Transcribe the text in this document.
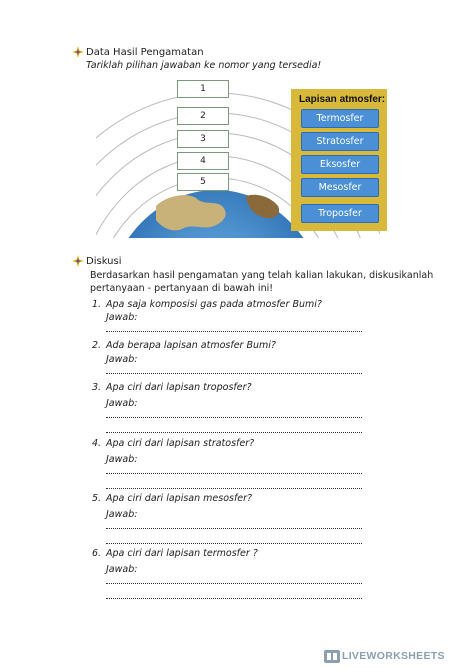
Data Hasil Pengamatan
Tariklah pilihan jawaban ke nomor yang tersedia!
1
2
3
4
5
Lapisan atmosfer:
Termosfer
Stratosfer
Eksosfer
Mesosfer
Troposfer
Diskusi
Berdasarkan hasil pengamatan yang telah kalian lakukan, diskusikanlah
pertanyaan - pertanyaan di bawah ini!
1. Apa saja komposisi gas pada atmosfer Bumi?
Jawab:
2. Ada berapa lapisan atmosfer Bumi?
Jawab:
3. Apa ciri dari lapisan troposfer?
Jawab:
4. Apa ciri dari lapisan stratosfer?
Jawab:
5. Apa ciri dari lapisan mesosfer?
Jawab:
6. Apa ciri dari lapisan termosfer ?
Jawab:
LIVEWORKSHEETS
